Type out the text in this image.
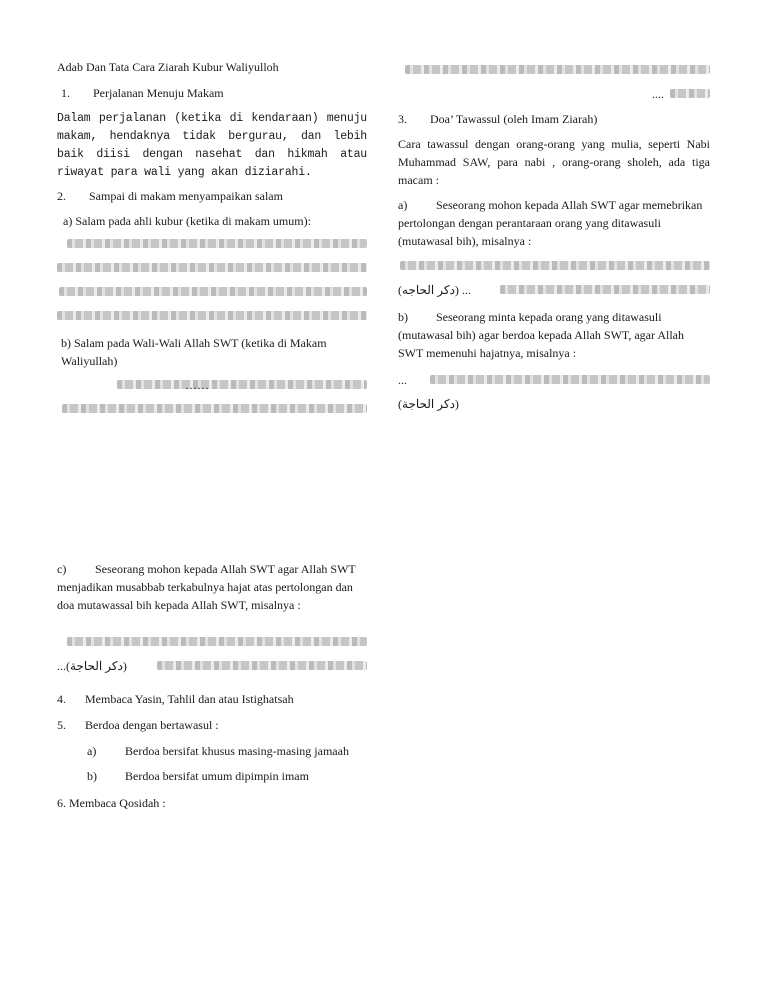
Adab Dan Tata Cara Ziarah Kubur Waliyulloh

1. Perjalanan Menuju Makam

Dalam perjalanan (ketika di kendaraan) menuju makam, hendaknya tidak bergurau, dan lebih baik diisi dengan nasehat dan hikmah atau riwayat para wali yang akan diziarahi.

2. Sampai di makam menyampaikan salam

a) Salam pada ahli kubur (ketika di makam umum):

b) Salam pada Wali-Wali Allah SWT (ketika di Makam Waliyullah)

……

c) Seseorang mohon kepada Allah SWT agar Allah SWT menjadikan musabbab terkabulnya hajat atas pertolongan dan doa mutawassal bih kepada Allah SWT, misalnya :

...(دكر الحاجة)

4. Membaca Yasin, Tahlil dan atau Istighatsah

5. Berdoa dengan bertawasul :

a) Berdoa bersifat khusus masing-masing jamaah

b) Berdoa bersifat umum dipimpin imam

6. Membaca Qosidah :

....

3. Doa’ Tawassul (oleh Imam Ziarah)

Cara tawassul dengan orang-orang yang mulia, seperti Nabi Muhammad SAW, para nabi , orang-orang sholeh, ada tiga macam :

a) Seseorang mohon kepada Allah SWT agar memebrikan pertolongan dengan perantaraan orang yang ditawasuli (mutawasal bih), misalnya :

(دكر الحاجه) ...

b) Seseorang minta kepada orang yang ditawasuli (mutawasal bih) agar berdoa kepada Allah SWT, agar Allah SWT memenuhi hajatnya, misalnya :

...
(دكر الحاجة)
